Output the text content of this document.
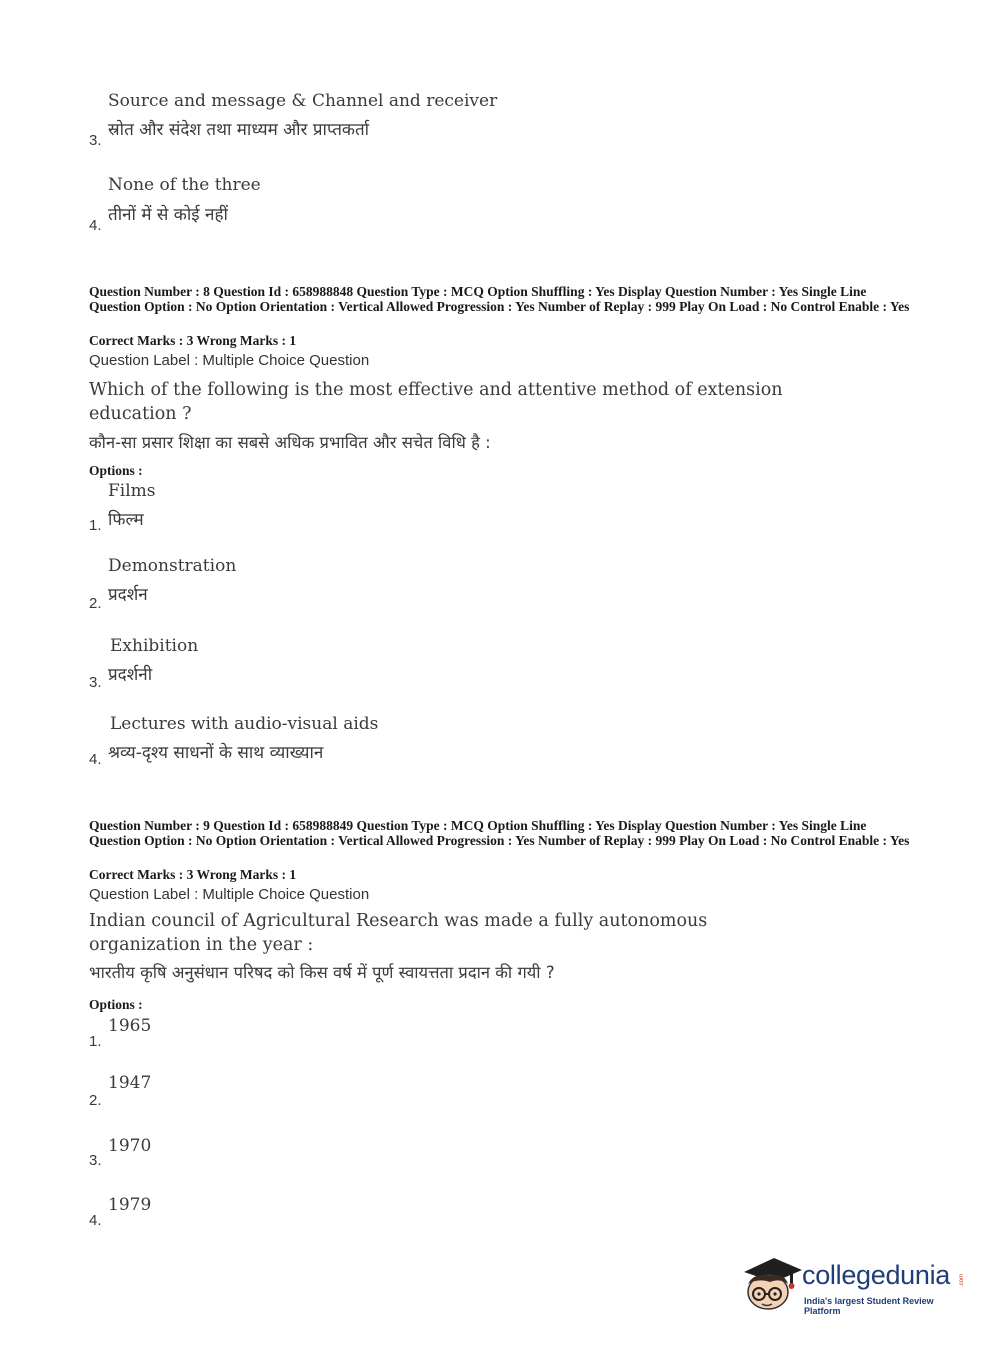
Source and message & Channel and receiver
स्रोत और संदेश तथा माध्यम और प्राप्तकर्ता
3.
None of the three
तीनों में से कोई नहीं
4.
Question Number : 8 Question Id : 658988848 Question Type : MCQ Option Shuffling : Yes Display Question Number : Yes Single Line Question Option : No Option Orientation : Vertical Allowed Progression : Yes Number of Replay : 999 Play On Load : No Control Enable : Yes
Correct Marks : 3 Wrong Marks : 1
Question Label : Multiple Choice Question
Which of the following is the most effective and attentive method of extension education ?
कौन-सा प्रसार शिक्षा का सबसे अधिक प्रभावित और सचेत विधि है :
Options :
Films
फिल्म
1.
Demonstration
प्रदर्शन
2.
Exhibition
प्रदर्शनी
3.
Lectures with audio-visual aids
श्रव्य-दृश्य साधनों के साथ व्याख्यान
4.
Question Number : 9 Question Id : 658988849 Question Type : MCQ Option Shuffling : Yes Display Question Number : Yes Single Line Question Option : No Option Orientation : Vertical Allowed Progression : Yes Number of Replay : 999 Play On Load : No Control Enable : Yes
Correct Marks : 3 Wrong Marks : 1
Question Label : Multiple Choice Question
Indian council of Agricultural Research was made a fully autonomous organization in the year :
भारतीय कृषि अनुसंधान परिषद को किस वर्ष में पूर्ण स्वायत्तता प्रदान की गयी ?
Options :
1965
1.
1947
2.
1970
3.
1979
4.
collegedunia .com
India's largest Student Review Platform
